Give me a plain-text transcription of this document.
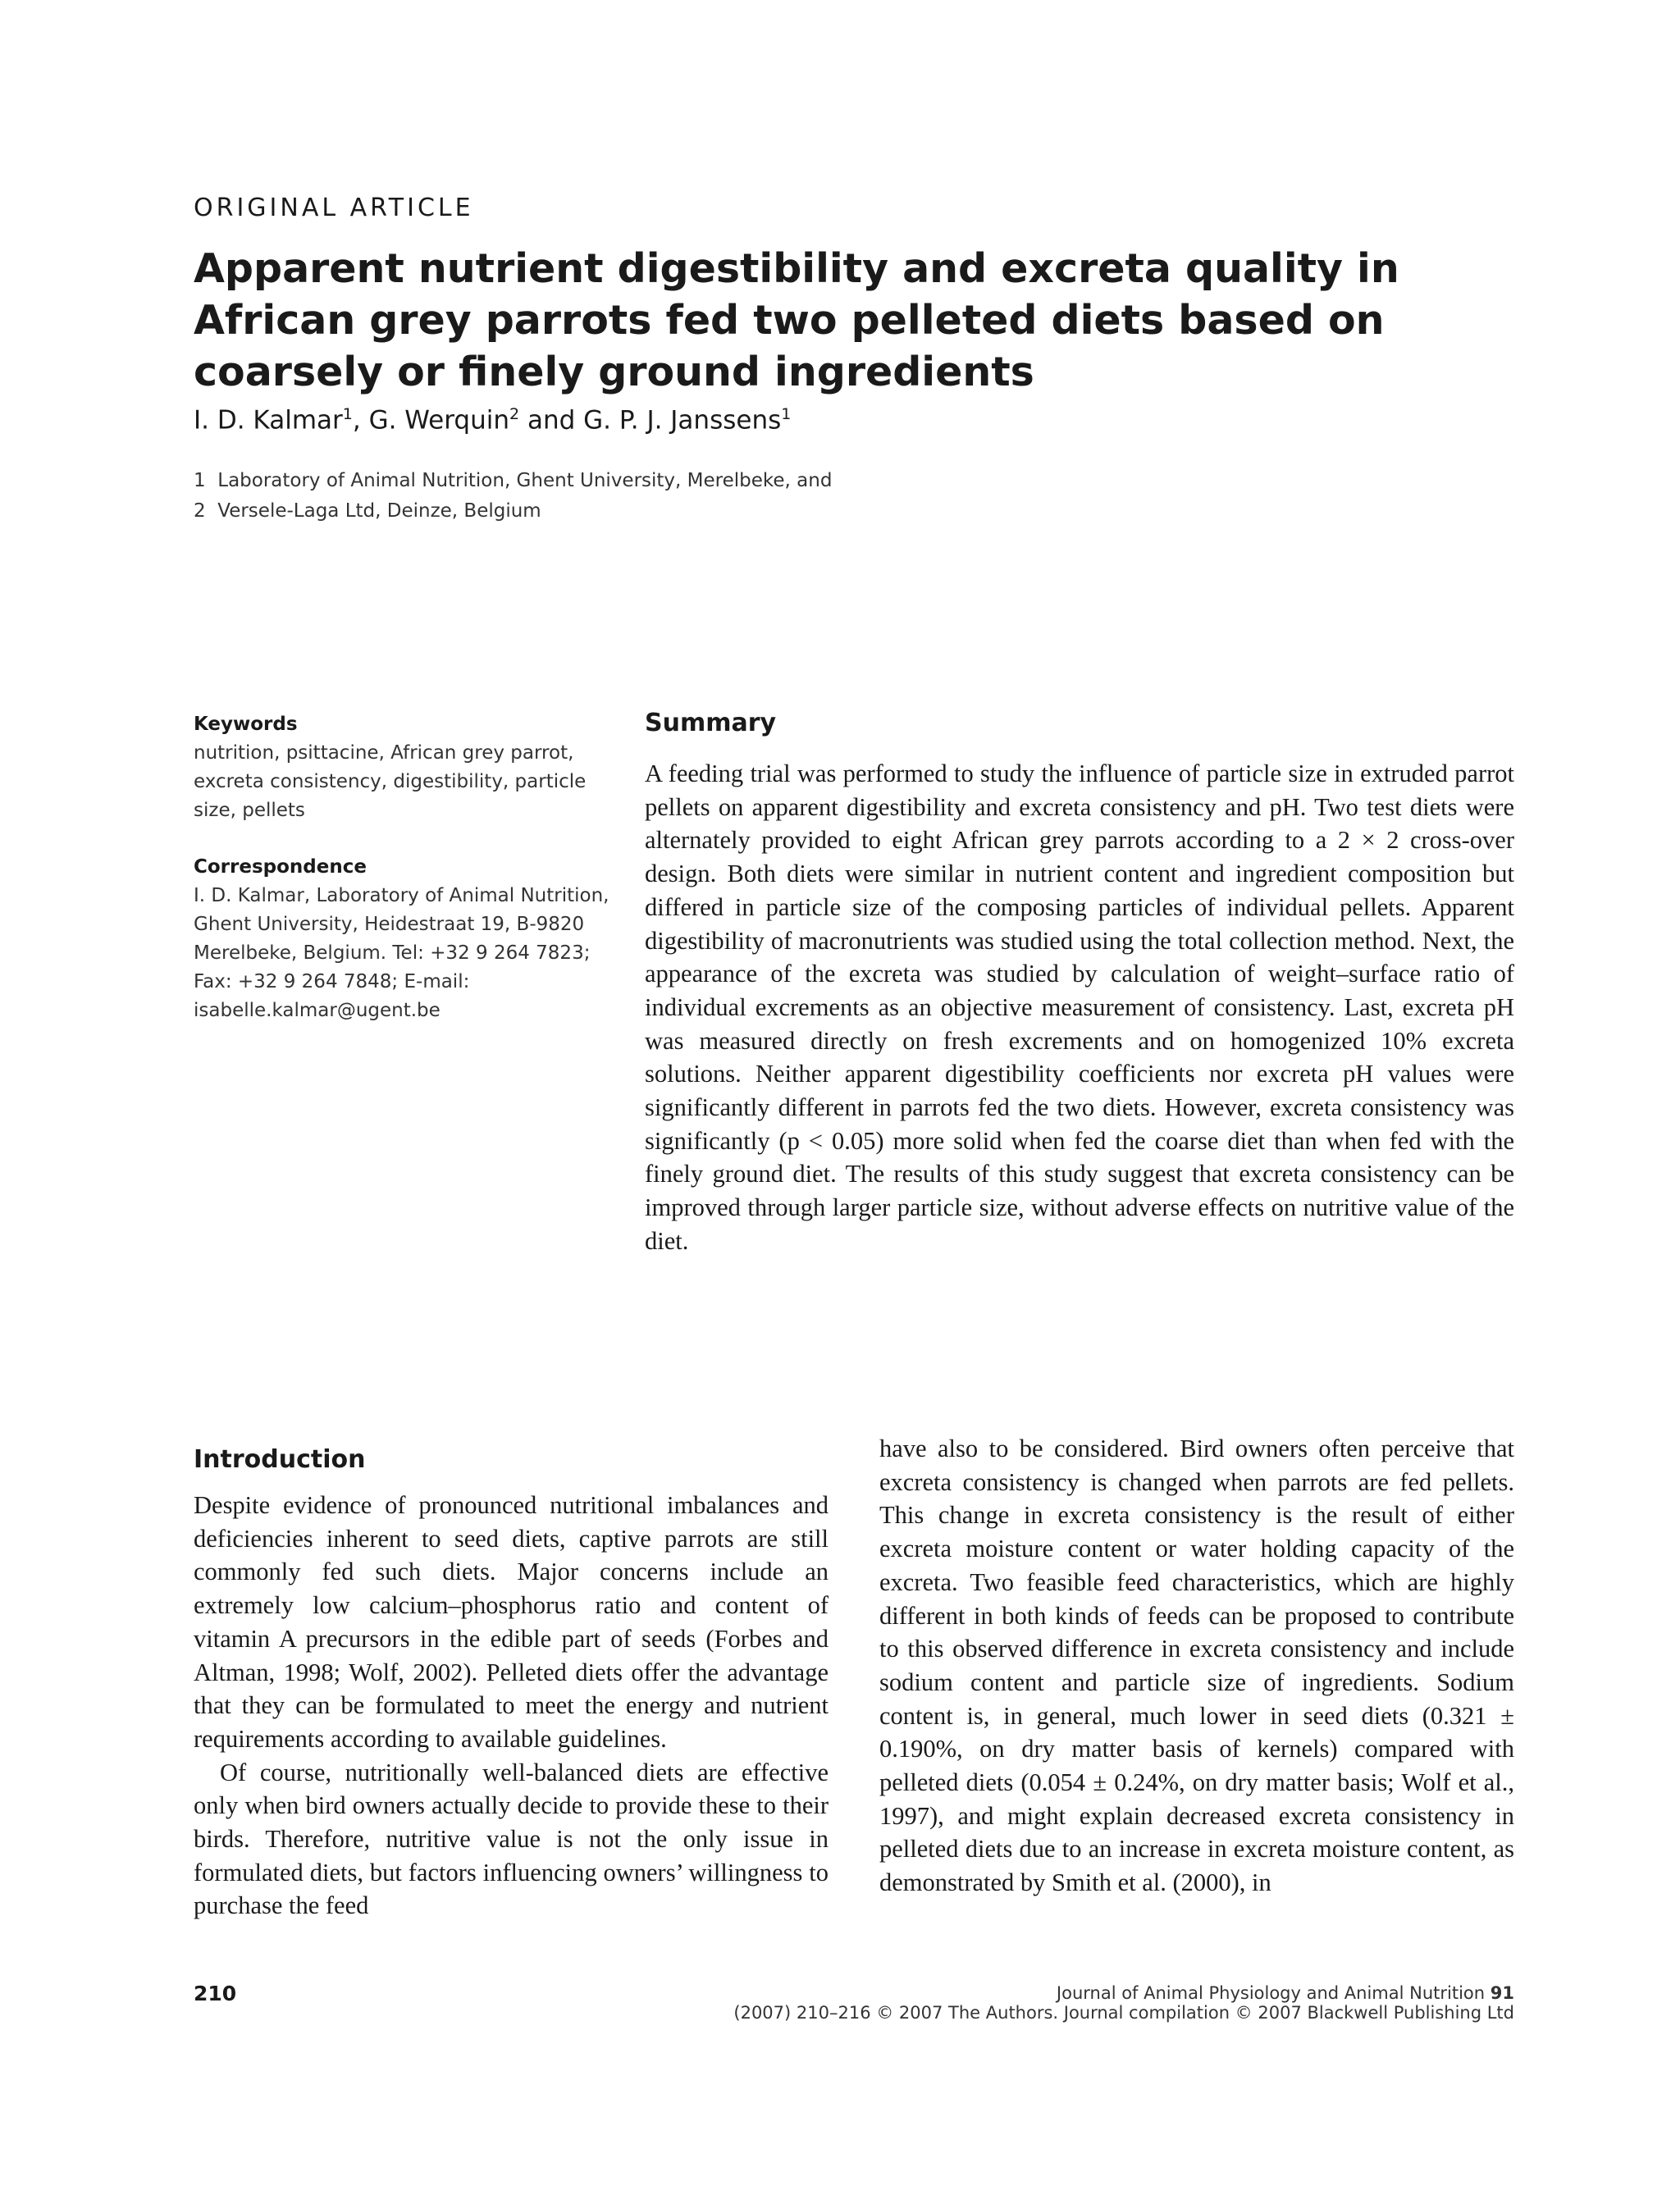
ORIGINAL ARTICLE
Apparent nutrient digestibility and excreta quality in African grey parrots fed two pelleted diets based on coarsely or finely ground ingredients
I. D. Kalmar$^1$, G. Werquin$^2$ and G. P. J. Janssens$^1$
1  Laboratory of Animal Nutrition, Ghent University, Merelbeke, and
2  Versele-Laga Ltd, Deinze, Belgium
Keywords
nutrition, psittacine, African grey parrot, excreta consistency, digestibility, particle size, pellets
Correspondence
I. D. Kalmar, Laboratory of Animal Nutrition, Ghent University, Heidestraat 19, B-9820 Merelbeke, Belgium. Tel: +32 9 264 7823; Fax: +32 9 264 7848; E-mail: isabelle.kalmar@ugent.be
Summary

A feeding trial was performed to study the influence of particle size in extruded parrot pellets on apparent digestibility and excreta consistency and pH. Two test diets were alternately provided to eight African grey parrots according to a 2 × 2 cross-over design. Both diets were similar in nutrient content and ingredient composition but differed in particle size of the composing particles of individual pellets. Apparent digestibility of macronutrients was studied using the total collection method. Next, the appearance of the excreta was studied by calculation of weight–surface ratio of individual excrements as an objective measurement of consistency. Last, excreta pH was measured directly on fresh excrements and on homogenized 10% excreta solutions. Neither apparent digestibility coefficients nor excreta pH values were significantly different in parrots fed the two diets. However, excreta consistency was significantly (p < 0.05) more solid when fed the coarse diet than when fed with the finely ground diet. The results of this study suggest that excreta consistency can be improved through larger particle size, without adverse effects on nutritive value of the diet.

Introduction

Despite evidence of pronounced nutritional imbalances and deficiencies inherent to seed diets, captive parrots are still commonly fed such diets. Major concerns include an extremely low calcium–phosphorus ratio and content of vitamin A precursors in the edible part of seeds (Forbes and Altman, 1998; Wolf, 2002). Pelleted diets offer the advantage that they can be formulated to meet the energy and nutrient requirements according to available guidelines.

Of course, nutritionally well-balanced diets are effective only when bird owners actually decide to provide these to their birds. Therefore, nutritive value is not the only issue in formulated diets, but factors influencing owners’ willingness to purchase the feed

have also to be considered. Bird owners often perceive that excreta consistency is changed when parrots are fed pellets. This change in excreta consistency is the result of either excreta moisture content or water holding capacity of the excreta. Two feasible feed characteristics, which are highly different in both kinds of feeds can be proposed to contribute to this observed difference in excreta consistency and include sodium content and particle size of ingredients. Sodium content is, in general, much lower in seed diets (0.321 ± 0.190%, on dry matter basis of kernels) compared with pelleted diets (0.054 ± 0.24%, on dry matter basis; Wolf et al., 1997), and might explain decreased excreta consistency in pelleted diets due to an increase in excreta moisture content, as demonstrated by Smith et al. (2000), in

210	Journal of Animal Physiology and Animal Nutrition 91 (2007) 210–216 © 2007 The Authors. Journal compilation © 2007 Blackwell Publishing Ltd
